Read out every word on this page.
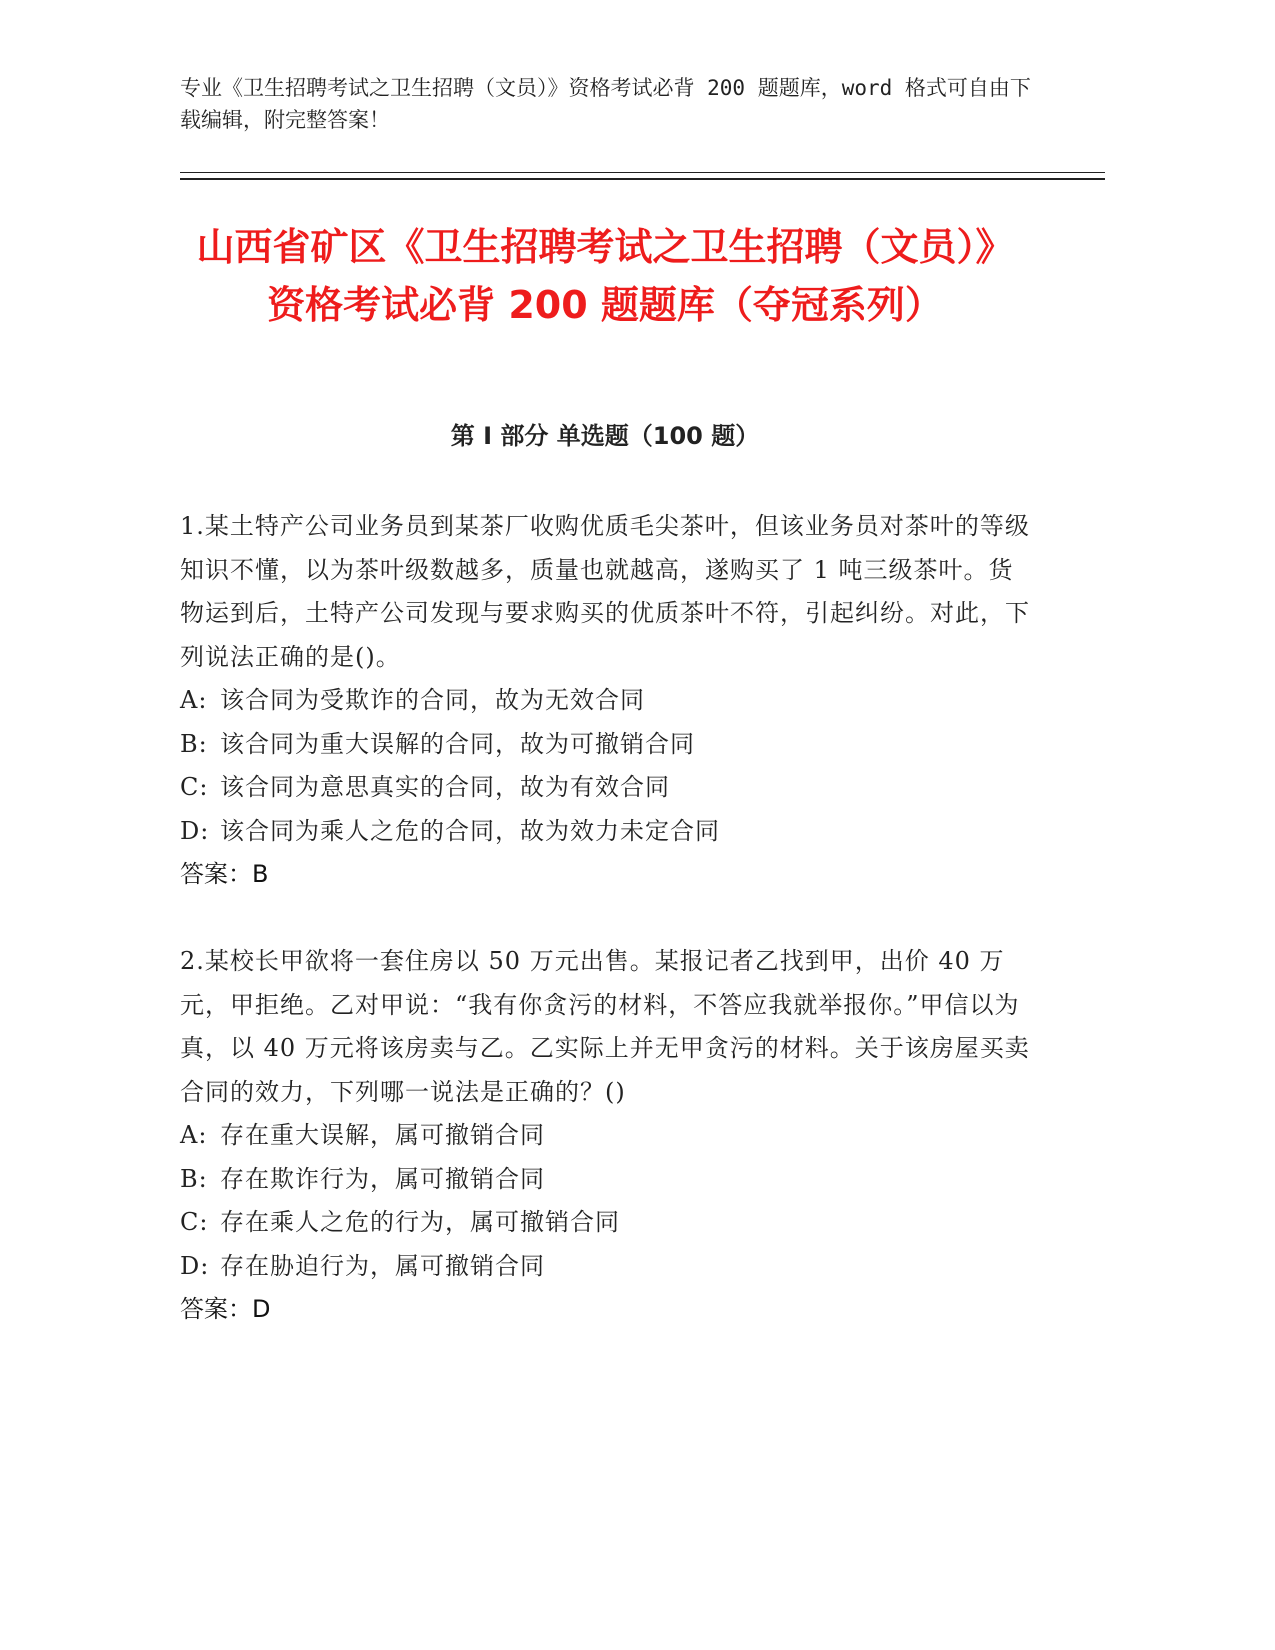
专业《卫生招聘考试之卫生招聘（文员）》资格考试必背 200 题题库，word 格式可自由下载编辑，附完整答案！
山西省矿区《卫生招聘考试之卫生招聘（文员）》资格考试必背 200 题题库（夺冠系列）
第 I 部分 单选题（100 题）
1.某土特产公司业务员到某茶厂收购优质毛尖茶叶，但该业务员对茶叶的等级知识不懂，以为茶叶级数越多，质量也就越高，遂购买了 1 吨三级茶叶。货物运到后，土特产公司发现与要求购买的优质茶叶不符，引起纠纷。对此，下列说法正确的是()。
A: 该合同为受欺诈的合同，故为无效合同
B: 该合同为重大误解的合同，故为可撤销合同
C: 该合同为意思真实的合同，故为有效合同
D: 该合同为乘人之危的合同，故为效力未定合同
答案：B
2.某校长甲欲将一套住房以 50 万元出售。某报记者乙找到甲，出价 40 万元，甲拒绝。乙对甲说：“我有你贪污的材料，不答应我就举报你。”甲信以为真，以 40 万元将该房卖与乙。乙实际上并无甲贪污的材料。关于该房屋买卖合同的效力，下列哪一说法是正确的？()
A: 存在重大误解，属可撤销合同
B: 存在欺诈行为，属可撤销合同
C: 存在乘人之危的行为，属可撤销合同
D: 存在胁迫行为，属可撤销合同
答案：D
